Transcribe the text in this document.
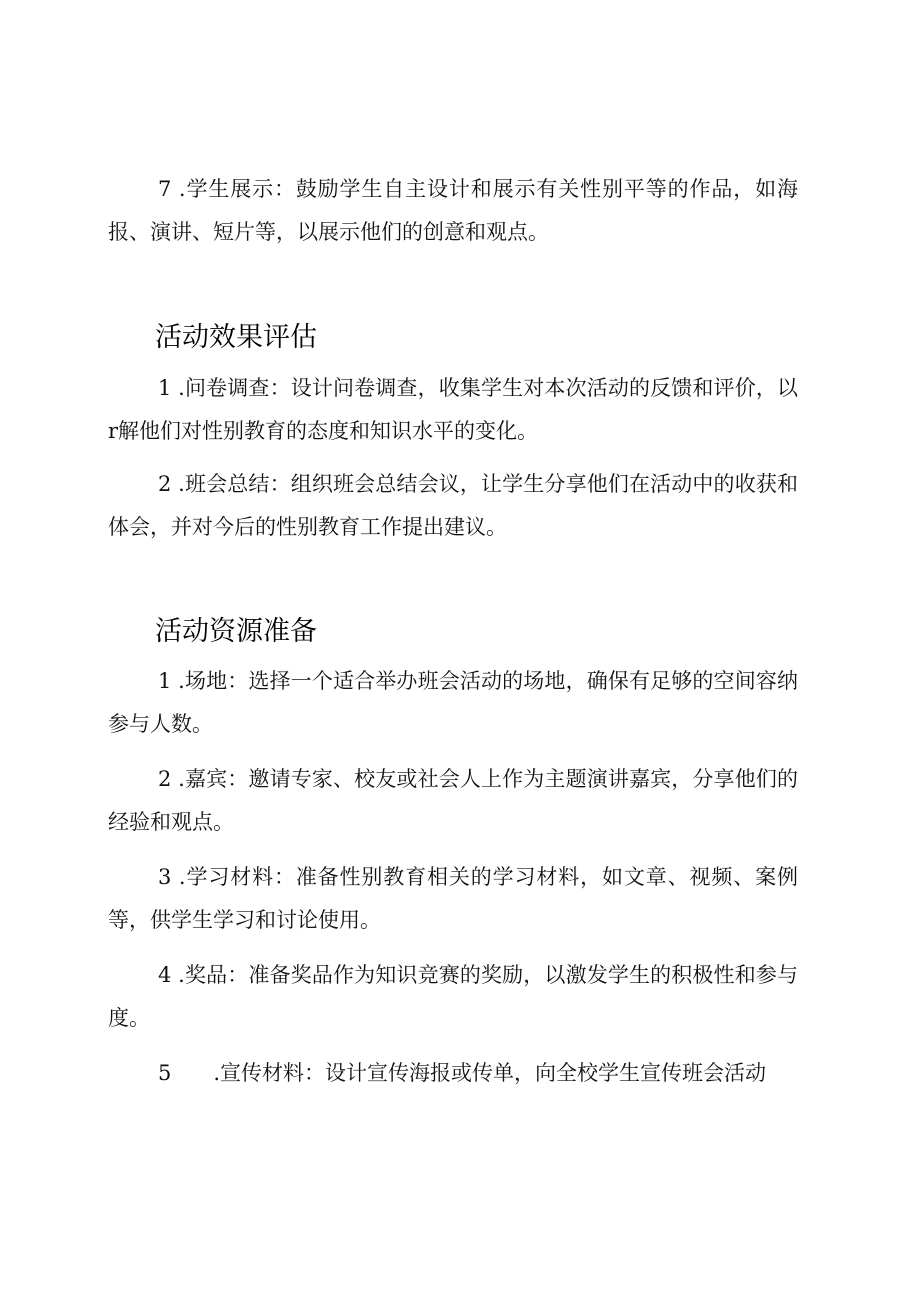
7 .学生展示：鼓励学生自主设计和展示有关性别平等的作品，如海报、演讲、短片等，以展示他们的创意和观点。

活动效果评估

1 .问卷调查：设计问卷调查，收集学生对本次活动的反馈和评价，以r解他们对性别教育的态度和知识水平的变化。

2 .班会总结：组织班会总结会议，让学生分享他们在活动中的收获和体会，并对今后的性别教育工作提出建议。

活动资源准备

1 .场地：选择一个适合举办班会活动的场地，确保有足够的空间容纳参与人数。

2 .嘉宾：邀请专家、校友或社会人上作为主题演讲嘉宾，分享他们的经验和观点。

3 .学习材料：准备性别教育相关的学习材料，如文章、视频、案例等，供学生学习和讨论使用。

4 .奖品：准备奖品作为知识竞赛的奖励，以激发学生的积极性和参与度。

5　　.宣传材料：设计宣传海报或传单，向全校学生宣传班会活动
